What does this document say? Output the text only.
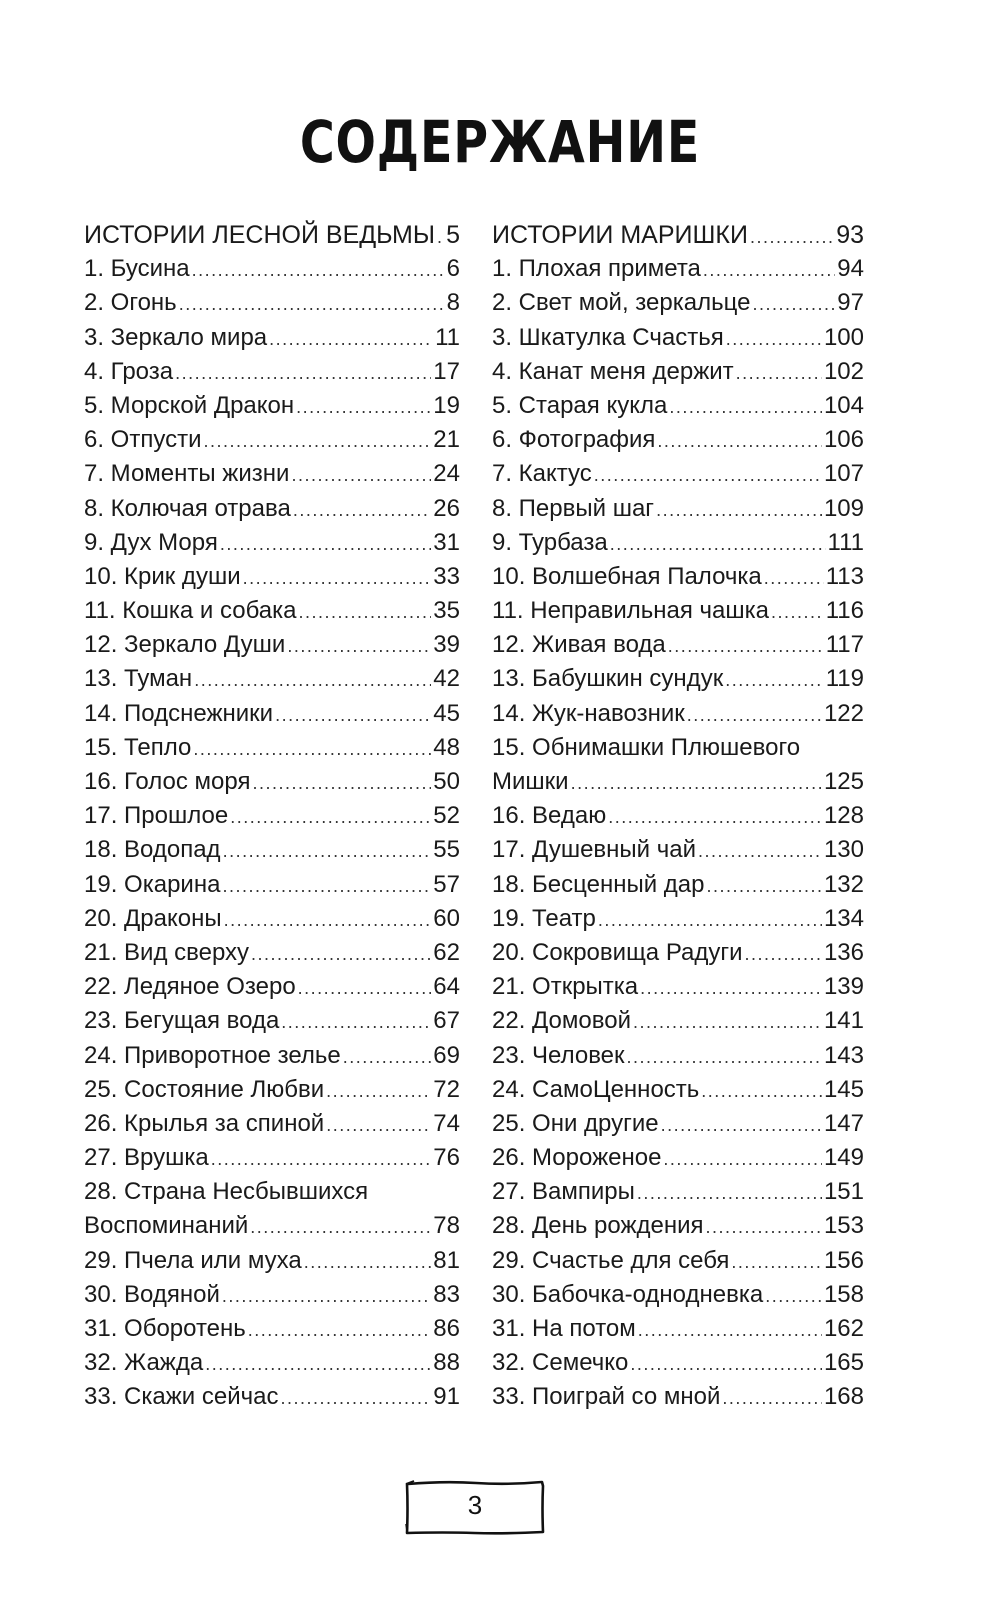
СОДЕРЖАНИЕ
ИСТОРИИ ЛЕСНОЙ ВЕДЬМЫ ..... 5
1. Бусина .....	6
2. Огонь .....	8
3. Зеркало мира .....	11
4. Гроза .....	17
5. Морской Дракон .....	19
6. Отпусти .....	21
7. Моменты жизни .....	24
8. Колючая отрава .....	26
9. Дух Моря .....	31
10. Крик души .....	33
11. Кошка и собака .....	35
12. Зеркало Души .....	39
13. Туман .....	42
14. Подснежники .....	45
15. Тепло .....	48
16. Голос моря .....	50
17. Прошлое .....	52
18. Водопад .....	55
19. Окарина .....	57
20. Драконы .....	60
21. Вид сверху .....	62
22. Ледяное Озеро .....	64
23. Бегущая вода .....	67
24. Приворотное зелье .....	69
25. Состояние Любви .....	72
26. Крылья за спиной .....	74
27. Врушка .....	76
28. Страна Несбывшихся
Воспоминаний .....	78
29. Пчела или муха .....	81
30. Водяной .....	83
31. Оборотень .....	86
32. Жажда .....	88
33. Скажи сейчас .....	91
ИСТОРИИ МАРИШКИ .....	93
1. Плохая примета .....	94
2. Свет мой, зеркальце .....	97
3. Шкатулка Счастья .....	100
4. Канат меня держит .....	102
5. Старая кукла .....	104
6. Фотография .....	106
7. Кактус .....	107
8. Первый шаг .....	109
9. Турбаза .....	111
10. Волшебная Палочка .....	113
11. Неправильная чашка ..... 116
12. Живая вода .....	117
13. Бабушкин сундук .....	119
14. Жук-навозник .....	122
15. Обнимашки Плюшевого
Мишки .....	125
16. Ведаю .....	128
17. Душевный чай .....	130
18. Бесценный дар .....	132
19. Театр .....	134
20. Сокровища Радуги .....	136
21. Открытка .....	139
22. Домовой .....	141
23. Человек .....	143
24. СамоЦенность .....	145
25. Они другие .....	147
26. Мороженое .....	149
27. Вампиры .....	151
28. День рождения .....	153
29. Счастье для себя .....	156
30. Бабочка-однодневка .....	158
31. На потом .....	162
32. Семечко .....	165
33. Поиграй со мной .....	168
3
